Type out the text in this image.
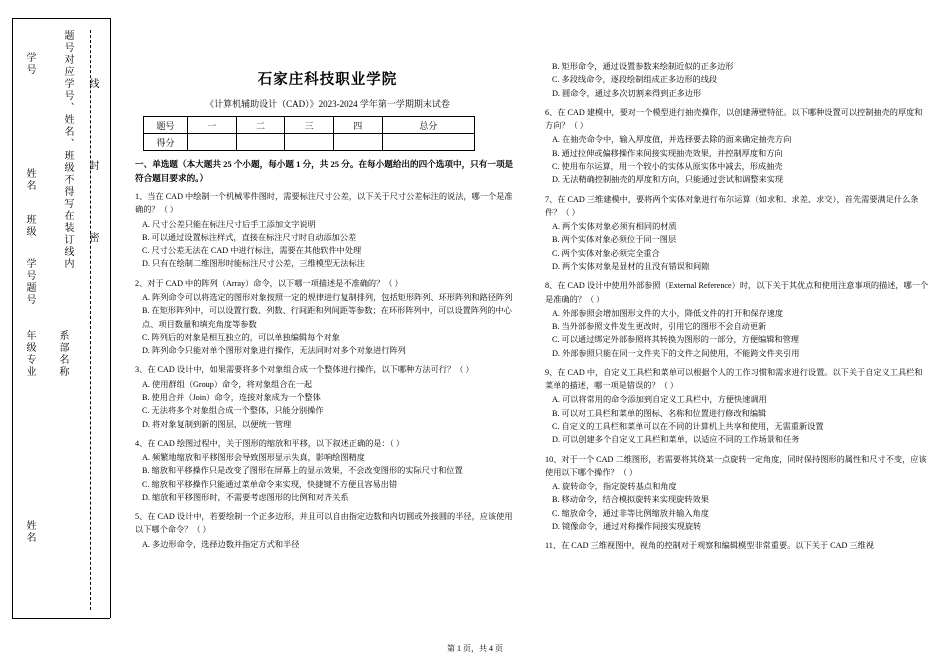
学号	题号对应学号、姓名、班级不得写在装订线内
姓名
班级
学号题号
年级专业 系部名称
姓名
密
封
线	石家庄科技职业学院
《计算机辅助设计（CAD）》2023-2024 学年第一学期期末试卷
题号	一	二	三	四	总分
得分					
一、单选题（本大题共 25 个小题，每小题 1 分，共 25 分。在每小题给出的四个选项中，只有一项是符合题目要求的。）

1、当在 CAD 中绘制一个机械零件图时，需要标注尺寸公差，以下关于尺寸公差标注的说法，哪一个是准确的？（ ）

A. 尺寸公差只能在标注尺寸后手工添加文字说明

B. 可以通过设置标注样式，直接在标注尺寸时自动添加公差

C. 尺寸公差无法在 CAD 中进行标注，需要在其他软件中处理

D. 只有在绘制二维图形时能标注尺寸公差，三维模型无法标注

2、对于 CAD 中的阵列（Array）命令，以下哪一项描述是不准确的？（ ）

A. 阵列命令可以将选定的图形对象按照一定的规律进行复制排列，包括矩形阵列、环形阵列和路径阵列

B. 在矩形阵列中，可以设置行数、列数、行间距和列间距等参数；在环形阵列中，可以设置阵列的中心点、项目数量和填充角度等参数

C. 阵列后的对象是相互独立的，可以单独编辑每个对象

D. 阵列命令只能对单个图形对象进行操作，无法同时对多个对象进行阵列

3、在 CAD 设计中，如果需要将多个对象组合成一个整体进行操作，以下哪种方法可行？（ ）

A. 使用群组（Group）命令，将对象组合在一起

B. 使用合并（Join）命令，连接对象成为一个整体

C. 无法将多个对象组合成一个整体，只能分别操作

D. 将对象复制到新的图层，以便统一管理

4、在 CAD 绘图过程中，关于图形的缩放和平移，以下叙述正确的是：（ ）

A. 频繁地缩放和平移图形会导致图形显示失真，影响绘图精度

B. 缩放和平移操作只是改变了图形在屏幕上的显示效果，不会改变图形的实际尺寸和位置

C. 缩放和平移操作只能通过菜单命令来实现，快捷键不方便且容易出错

D. 缩放和平移图形时，不需要考虑图形的比例和对齐关系

5、在 CAD 设计中，若要绘制一个正多边形，并且可以自由指定边数和内切圆或外接圆的半径，应该使用以下哪个命令？（ ）

A. 多边形命令，选择边数并指定方式和半径

B. 矩形命令，通过设置参数来绘制近似的正多边形

C. 多段线命令，逐段绘制组成正多边形的线段

D. 圆命令，通过多次切割来得到正多边形

6、在 CAD 建模中，要对一个模型进行抽壳操作，以创建薄壁特征。以下哪种设置可以控制抽壳的厚度和方向？（ ）

A. 在抽壳命令中，输入厚度值，并选择要去除的面来确定抽壳方向

B. 通过拉伸或偏移操作来间接实现抽壳效果，并控制厚度和方向

C. 使用布尔运算，用一个较小的实体从原实体中减去，形成抽壳

D. 无法精确控制抽壳的厚度和方向，只能通过尝试和调整来实现

7、在 CAD 三维建模中，要将两个实体对象进行布尔运算（如求和、求差、求交），首先需要满足什么条件？（ ）

A. 两个实体对象必须有相同的材质

B. 两个实体对象必须位于同一图层

C. 两个实体对象必须完全重合

D. 两个实体对象是显材的且没有错误和间隙

8、在 CAD 设计中使用外部参照（External Reference）时，以下关于其优点和使用注意事项的描述，哪一个是准确的？（ ）

A. 外部参照会增加图形文件的大小，降低文件的打开和保存速度

B. 当外部参照文件发生更改时，引用它的图形不会自动更新

C. 可以通过绑定外部参照将其转换为图形的一部分，方便编辑和管理

D. 外部参照只能在同一文件夹下的文件之间使用，不能跨文件夹引用

9、在 CAD 中，自定义工具栏和菜单可以根据个人的工作习惯和需求进行设置。以下关于自定义工具栏和菜单的描述，哪一项是错误的？（ ）

A. 可以将常用的命令添加到自定义工具栏中，方便快速调用

B. 可以对工具栏和菜单的图标、名称和位置进行修改和编辑

C. 自定义的工具栏和菜单可以在不同的计算机上共享和使用，无需重新设置

D. 可以创建多个自定义工具栏和菜单，以适应不同的工作场景和任务

10、对于一个 CAD 二维图形，若需要将其绕某一点旋转一定角度，同时保持图形的属性和尺寸不变，应该使用以下哪个操作？（ ）

A. 旋转命令，指定旋转基点和角度

B. 移动命令，结合模拟旋转来实现旋转效果

C. 缩放命令，通过非等比例缩放并输入角度

D. 镜像命令，通过对称操作间接实现旋转

11、在 CAD 三维视图中，视角的控制对于观察和编辑模型非常重要。以下关于 CAD 三维视

第 1 页，共 4 页
